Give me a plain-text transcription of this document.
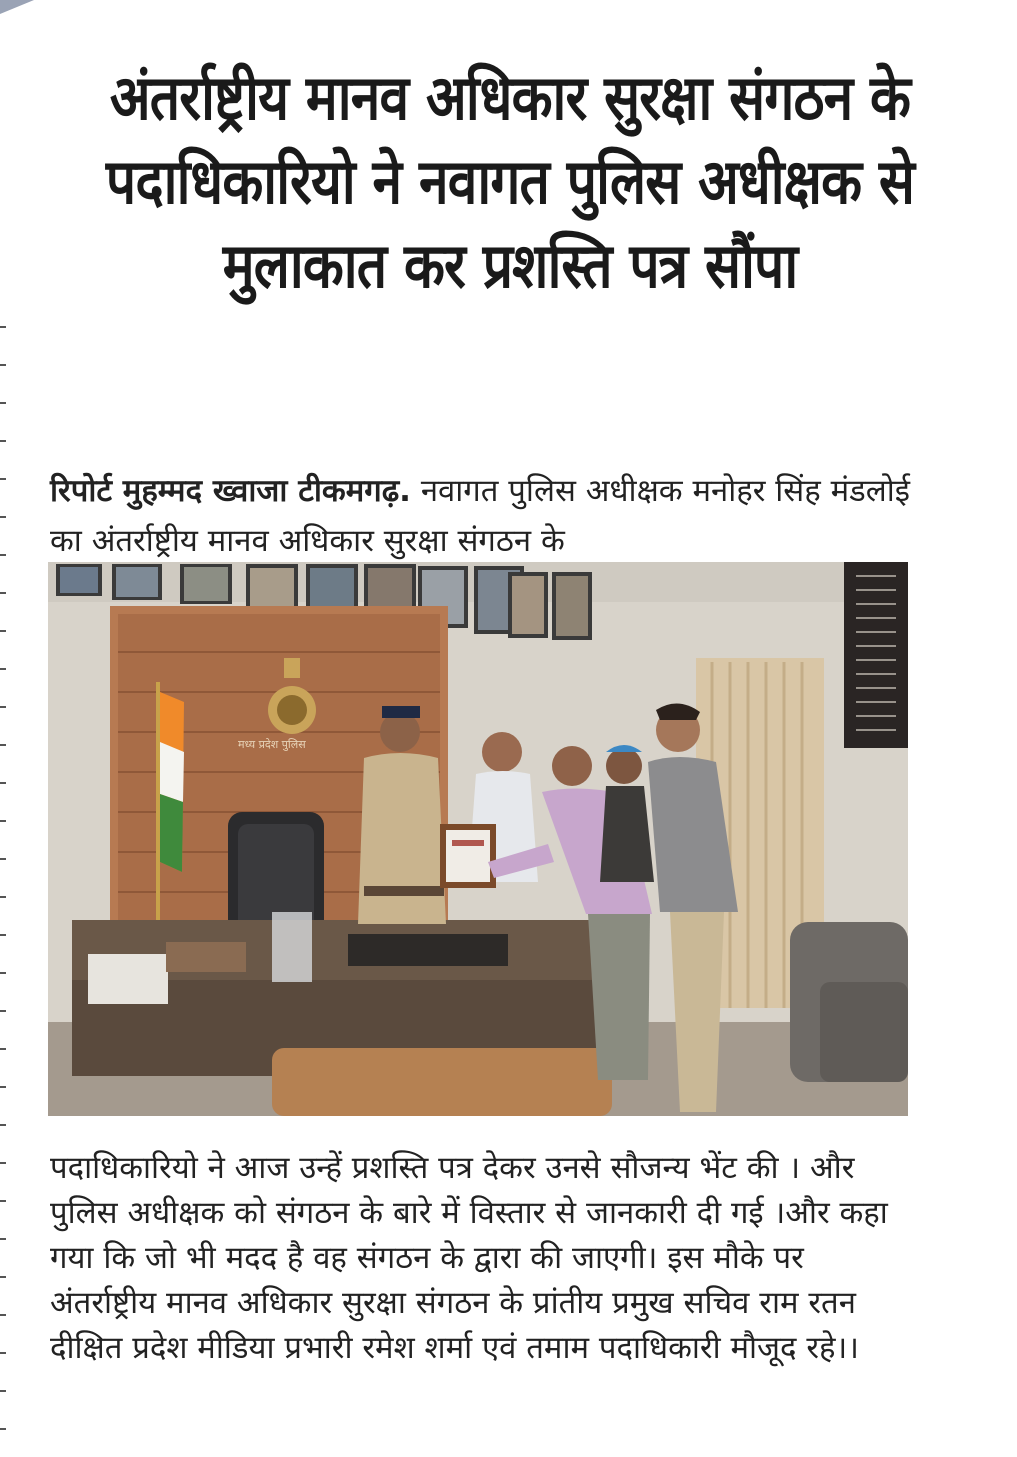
अंतर्राष्ट्रीय मानव अधिकार सुरक्षा संगठन के पदाधिकारियो ने नवागत पुलिस अधीक्षक से मुलाकात कर प्रशस्ति पत्र सौंपा

रिपोर्ट मुहम्मद ख्वाजा टीकमगढ़. नवागत पुलिस अधीक्षक मनोहर सिंह मंडलोई का अंतर्राष्ट्रीय मानव अधिकार सुरक्षा संगठन के

मध्य प्रदेश पुलिस

पदाधिकारियो ने आज उन्हें प्रशस्ति पत्र देकर उनसे सौजन्य भेंट की । और पुलिस अधीक्षक को संगठन के बारे में विस्तार से जानकारी दी गई ।और कहा गया कि जो भी मदद है वह संगठन के द्वारा की जाएगी। इस मौके पर अंतर्राष्ट्रीय मानव अधिकार सुरक्षा संगठन के प्रांतीय प्रमुख सचिव राम रतन दीक्षित प्रदेश मीडिया प्रभारी रमेश शर्मा एवं तमाम पदाधिकारी मौजूद रहे।।
